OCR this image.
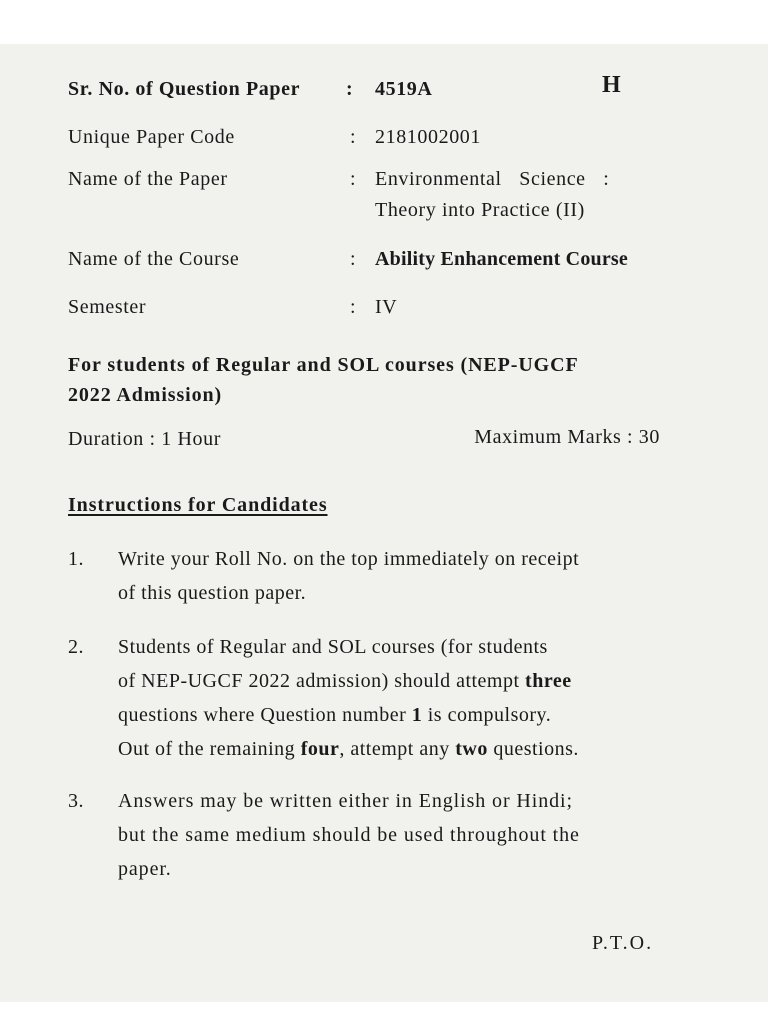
Sr. No. of Question Paper : 4519A	H
Unique Paper Code	: 2181002001
Name of the Paper	: Environmental Science :
Theory into Practice (II)
Name of the Course	: Ability Enhancement Course
Semester	: IV
For students of Regular and SOL courses (NEP-UGCF
2022 Admission)
Duration : 1 Hour	Maximum Marks : 30
Instructions for Candidates
1. Write your Roll No. on the top immediately on receipt
of this question paper.
2. Students of Regular and SOL courses (for students
of NEP-UGCF 2022 admission) should attempt three
questions where Question number 1 is compulsory.
Out of the remaining four, attempt any two questions.
3. Answers may be written either in English or Hindi;
but the same medium should be used throughout the
paper.
P.T.O.
